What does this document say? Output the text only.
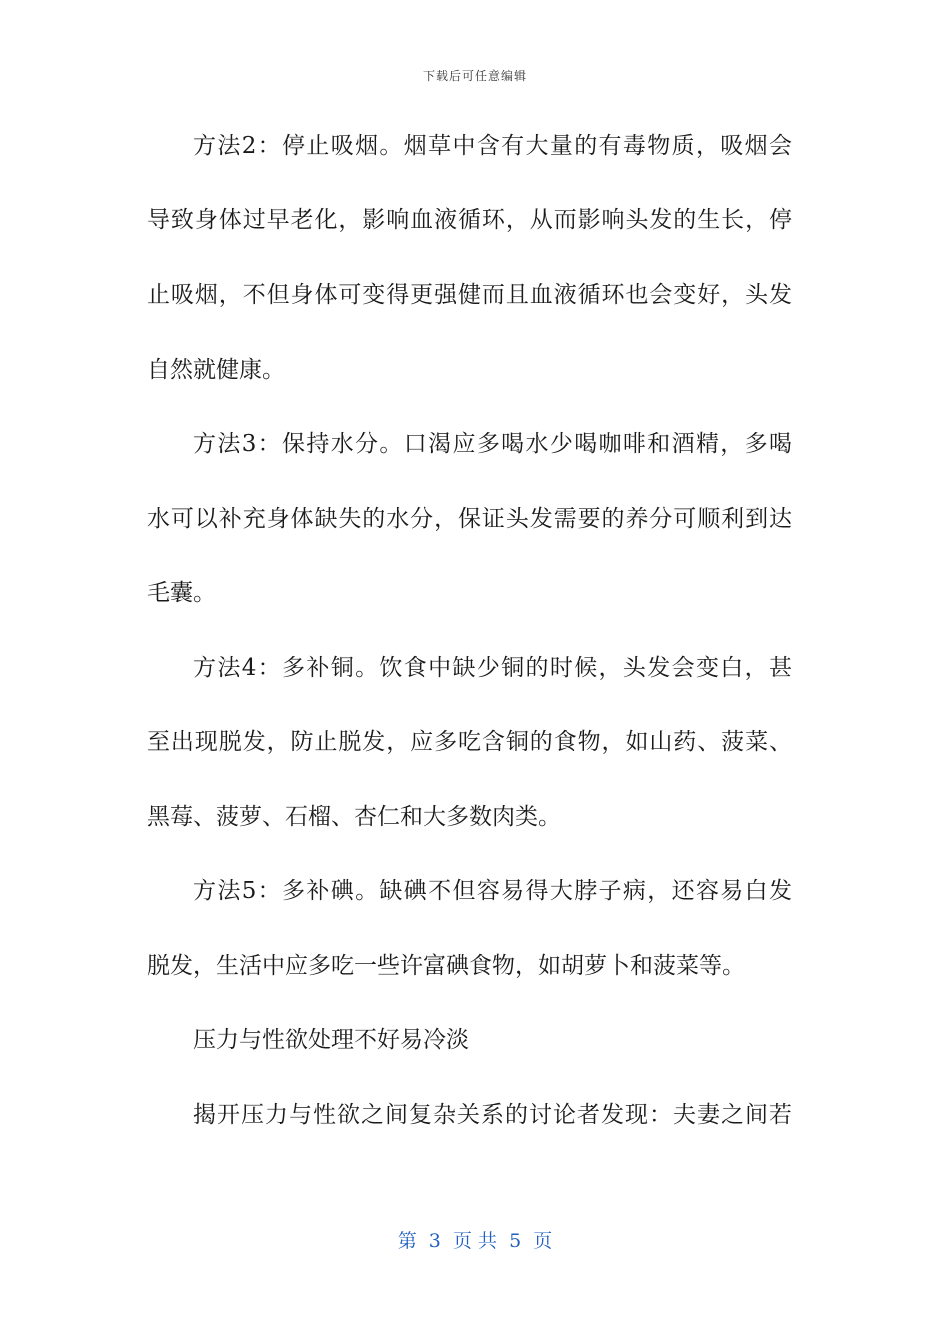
下载后可任意编辑
方法2：停止吸烟。烟草中含有大量的有毒物质，吸烟会
导致身体过早老化，影响血液循环，从而影响头发的生长，停
止吸烟，不但身体可变得更强健而且血液循环也会变好，头发
自然就健康。
方法3：保持水分。口渴应多喝水少喝咖啡和酒精，多喝
水可以补充身体缺失的水分，保证头发需要的养分可顺利到达
毛囊。
方法4：多补铜。饮食中缺少铜的时候，头发会变白，甚
至出现脱发，防止脱发，应多吃含铜的食物，如山药、菠菜、
黑莓、菠萝、石榴、杏仁和大多数肉类。
方法5：多补碘。缺碘不但容易得大脖子病，还容易白发
脱发，生活中应多吃一些许富碘食物，如胡萝卜和菠菜等。
压力与性欲处理不好易冷淡
揭开压力与性欲之间复杂关系的讨论者发现：夫妻之间若
第  3  页 共  5  页
